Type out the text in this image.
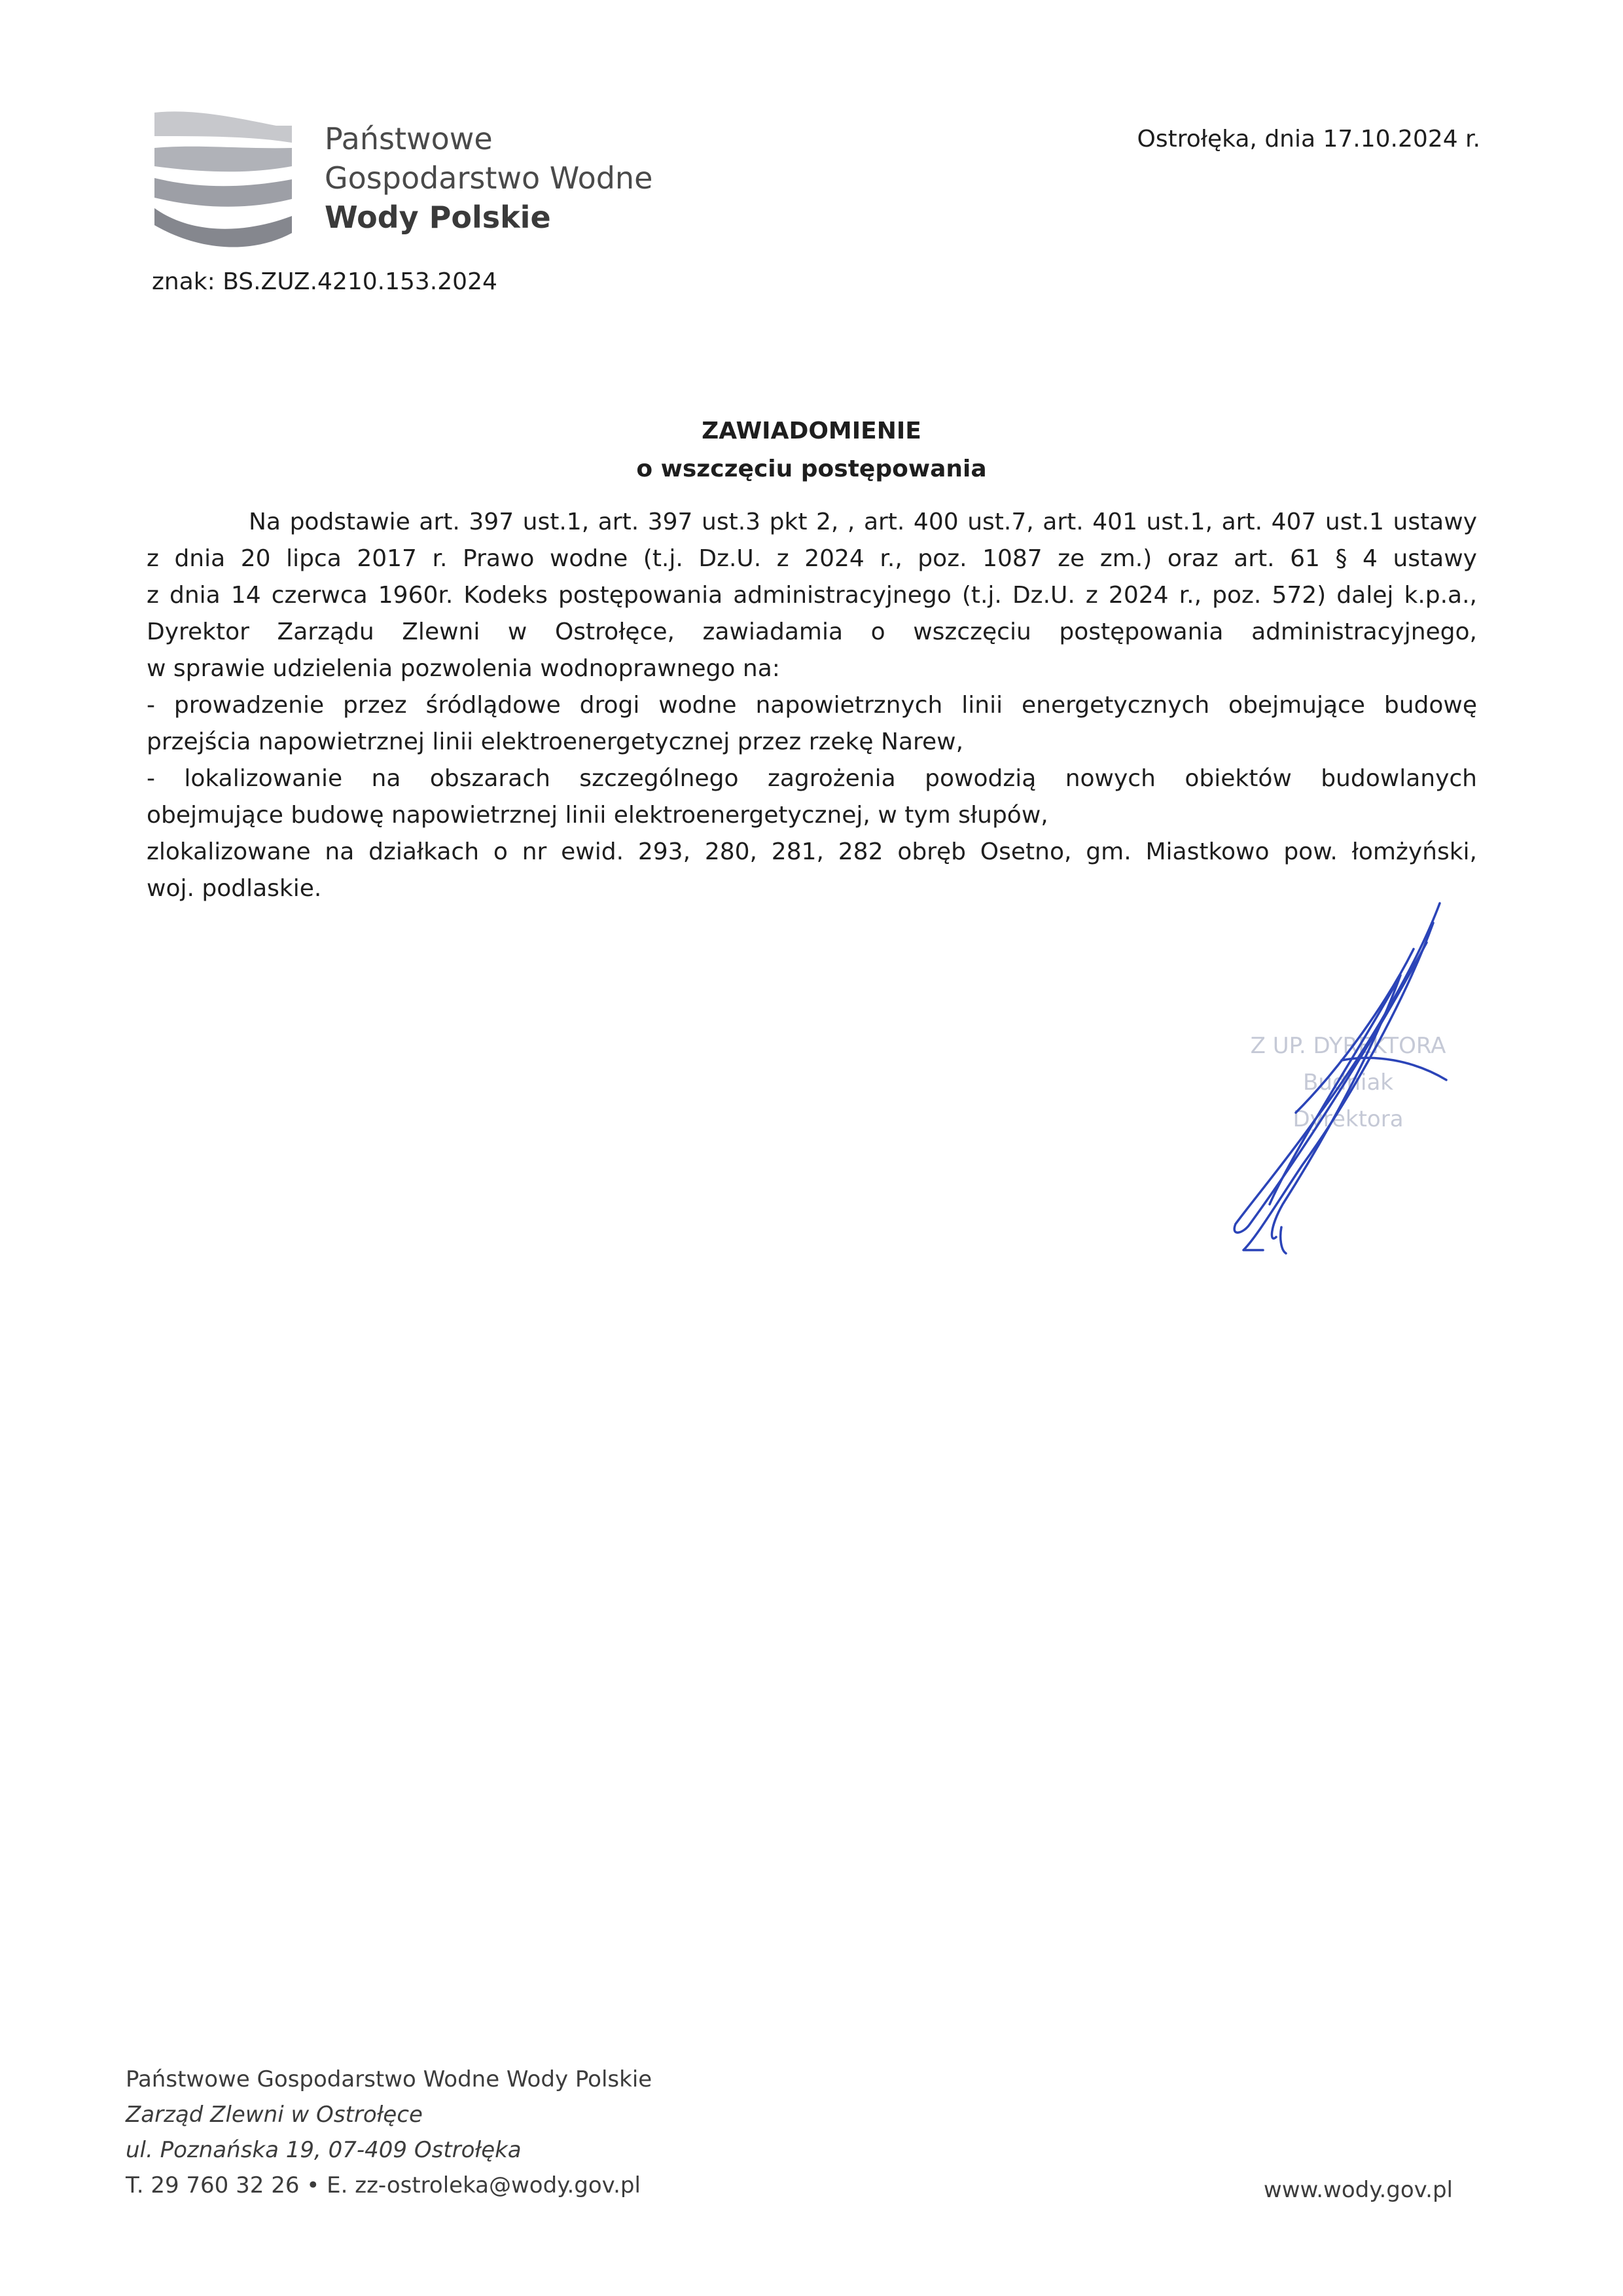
Państwowe
Gospodarstwo Wodne
Wody Polskie
Ostrołęka, dnia 17.10.2024 r.
znak: BS.ZUZ.4210.153.2024
ZAWIADOMIENIE
o wszczęciu postępowania
Na podstawie art. 397 ust.1, art. 397 ust.3 pkt 2, , art. 400 ust.7, art. 401 ust.1, art. 407 ust.1 ustawy
z dnia 20 lipca 2017 r. Prawo wodne (t.j. Dz.U. z 2024 r., poz. 1087 ze zm.) oraz art. 61 § 4 ustawy
z dnia 14 czerwca 1960r. Kodeks postępowania administracyjnego (t.j. Dz.U. z 2024 r., poz. 572) dalej k.p.a.,
Dyrektor Zarządu Zlewni w Ostrołęce, zawiadamia o wszczęciu postępowania administracyjnego,
w sprawie udzielenia pozwolenia wodnoprawnego na:
- prowadzenie przez śródlądowe drogi wodne napowietrznych linii energetycznych obejmujące budowę
przejścia napowietrznej linii elektroenergetycznej przez rzekę Narew,
- lokalizowanie na obszarach szczególnego zagrożenia powodzią nowych obiektów budowlanych
obejmujące budowę napowietrznej linii elektroenergetycznej, w tym słupów,
zlokalizowane na działkach o nr ewid. 293, 280, 281, 282 obręb Osetno, gm. Miastkowo pow. łomżyński,
woj. podlaskie.
Z UP. DYREKTORA
Budniak
Dyrektora
Państwowe Gospodarstwo Wodne Wody Polskie
Zarząd Zlewni w Ostrołęce
ul. Poznańska 19, 07-409 Ostrołęka
T. 29 760 32 26 • E. zz-ostroleka@wody.gov.pl	www.wody.gov.pl
